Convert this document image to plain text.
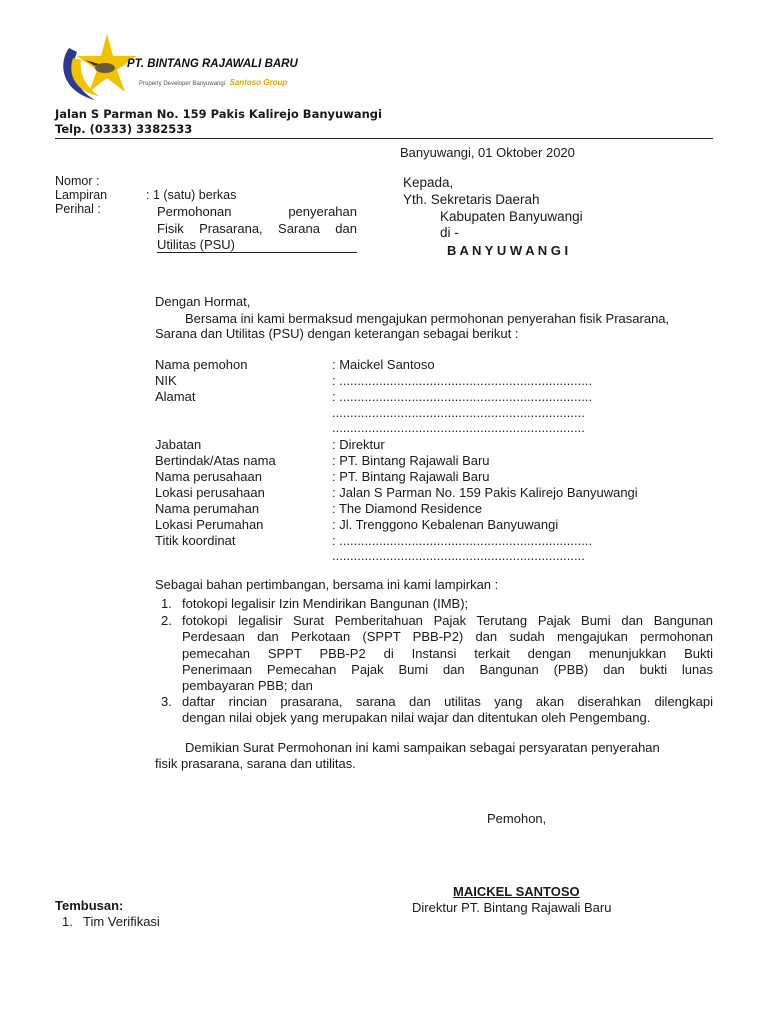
PT. BINTANG RAJAWALI BARU
Property Developer Banyuwangi Santoso Group
Jalan S Parman No. 159 Pakis Kalirejo Banyuwangi
Telp. (0333) 3382533
Banyuwangi, 01 Oktober 2020
Nomor :
Lampiran	: 1 (satu) berkas
Perihal :	Permohonan penyerahan
Fisik Prasarana, Sarana dan
Utilitas (PSU)
Kepada,
Yth. Sekretaris Daerah
Kabupaten Banyuwangi
di -
B A N Y U W A N G I
Dengan Hormat,
Bersama ini kami bermaksud mengajukan permohonan penyerahan fisik Prasarana,
Sarana dan Utilitas (PSU) dengan keterangan sebagai berikut :
Nama pemohon	: Maickel Santoso
NIK	: ......................................................................
Alamat	: ......................................................................
......................................................................
......................................................................
Jabatan	: Direktur
Bertindak/Atas nama	: PT. Bintang Rajawali Baru
Nama perusahaan	: PT. Bintang Rajawali Baru
Lokasi perusahaan	: Jalan S Parman No. 159 Pakis Kalirejo Banyuwangi
Nama perumahan	: The Diamond Residence
Lokasi Perumahan	: Jl. Trenggono Kebalenan Banyuwangi
Titik koordinat	: ......................................................................
......................................................................
Sebagai bahan pertimbangan, bersama ini kami lampirkan :
1. fotokopi legalisir Izin Mendirikan Bangunan (IMB);
2. fotokopi legalisir Surat Pemberitahuan Pajak Terutang Pajak Bumi dan Bangunan
Perdesaan dan Perkotaan (SPPT PBB-P2) dan sudah mengajukan permohonan
pemecahan SPPT PBB-P2 di Instansi terkait dengan menunjukkan Bukti
Penerimaan Pemecahan Pajak Bumi dan Bangunan (PBB) dan bukti lunas
pembayaran PBB; dan
3. daftar rincian prasarana, sarana dan utilitas yang akan diserahkan dilengkapi
dengan nilai objek yang merupakan nilai wajar dan ditentukan oleh Pengembang.
Demikian Surat Permohonan ini kami sampaikan sebagai persyaratan penyerahan
fisik prasarana, sarana dan utilitas.
Pemohon,
MAICKEL SANTOSO
Direktur PT. Bintang Rajawali Baru
Tembusan:
1. Tim Verifikasi
